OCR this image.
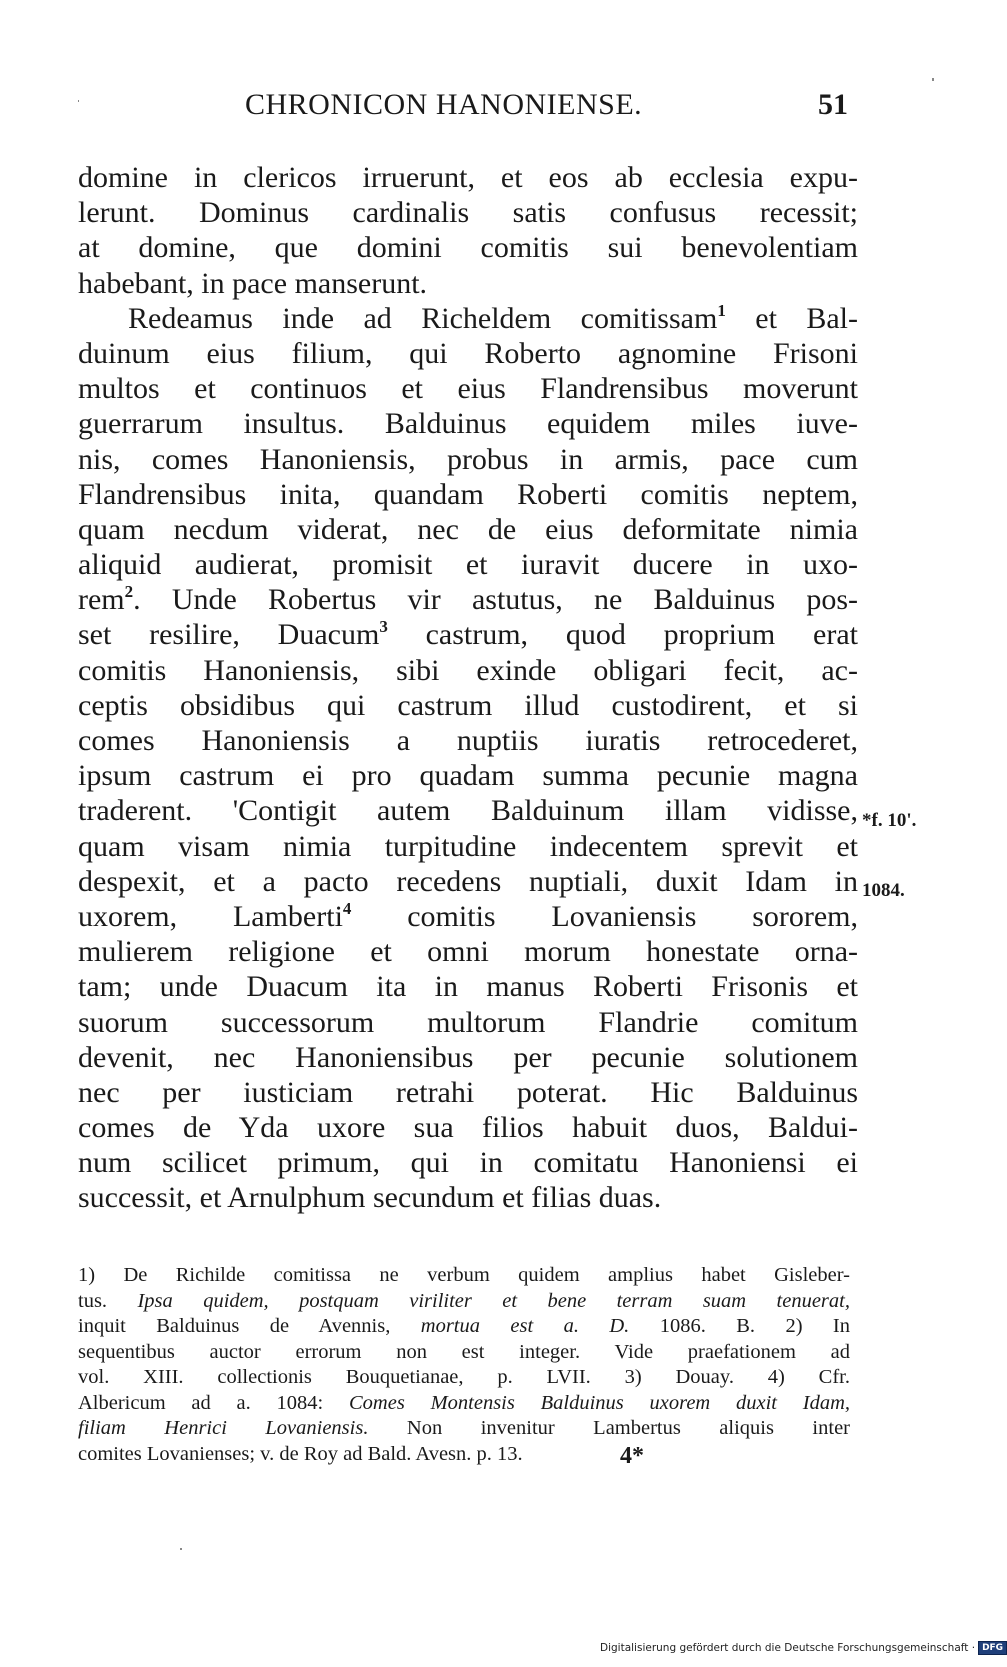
CHRONICON HANONIENSE.	51
domine in clericos irruerunt, et eos ab ecclesia expu-
lerunt. Dominus cardinalis satis confusus recessit;
at domine, que domini comitis sui benevolentiam
habebant, in pace manserunt.
Redeamus inde ad Richeldem comitissam$^1$ et Bal-
duinum eius filium, qui Roberto agnomine Frisoni
multos et continuos et eius Flandrensibus moverunt
guerrarum insultus. Balduinus equidem miles iuve-
nis, comes Hanoniensis, probus in armis, pace cum
Flandrensibus inita, quandam Roberti comitis neptem,
quam necdum viderat, nec de eius deformitate nimia
aliquid audierat, promisit et iuravit ducere in uxo-
rem$^2$. Unde Robertus vir astutus, ne Balduinus pos-
set resilire, Duacum$^3$ castrum, quod proprium erat
comitis Hanoniensis, sibi exinde obligari fecit, ac-
ceptis obsidibus qui castrum illud custodirent, et si
comes Hanoniensis a nuptiis iuratis retrocederet,
ipsum castrum ei pro quadam summa pecunie magna
traderent. 'Contigit autem Balduinum illam vidisse,
quam visam nimia turpitudine indecentem sprevit et
despexit, et a pacto recedens nuptiali, duxit Idam in
uxorem, Lamberti$^4$ comitis Lovaniensis sororem,
mulierem religione et omni morum honestate orna-
tam; unde Duacum ita in manus Roberti Frisonis et
suorum successorum multorum Flandrie comitum
devenit, nec Hanoniensibus per pecunie solutionem
nec per iusticiam retrahi poterat. Hic Balduinus
comes de Yda uxore sua filios habuit duos, Baldui-
num scilicet primum, qui in comitatu Hanoniensi ei
successit, et Arnulphum secundum et filias duas.
*f. 10'.
1084.
1) De Richilde comitissa ne verbum quidem amplius habet Gisleber-
tus. Ipsa quidem, postquam viriliter et bene terram suam tenuerat,
inquit Balduinus de Avennis, mortua est a. D. 1086. B. 2) In
sequentibus auctor errorum non est integer. Vide praefationem ad
vol. XIII. collectionis Bouquetianae, p. LVII. 3) Douay. 4) Cfr.
Albericum ad a. 1084: Comes Montensis Balduinus uxorem duxit Idam,
filiam Henrici Lovaniensis. Non invenitur Lambertus aliquis inter
comites Lovanienses; v. de Roy ad Bald. Avesn. p. 13.	4*
Digitalisierung gefördert durch die Deutsche Forschungsgemeinschaft · DFG
